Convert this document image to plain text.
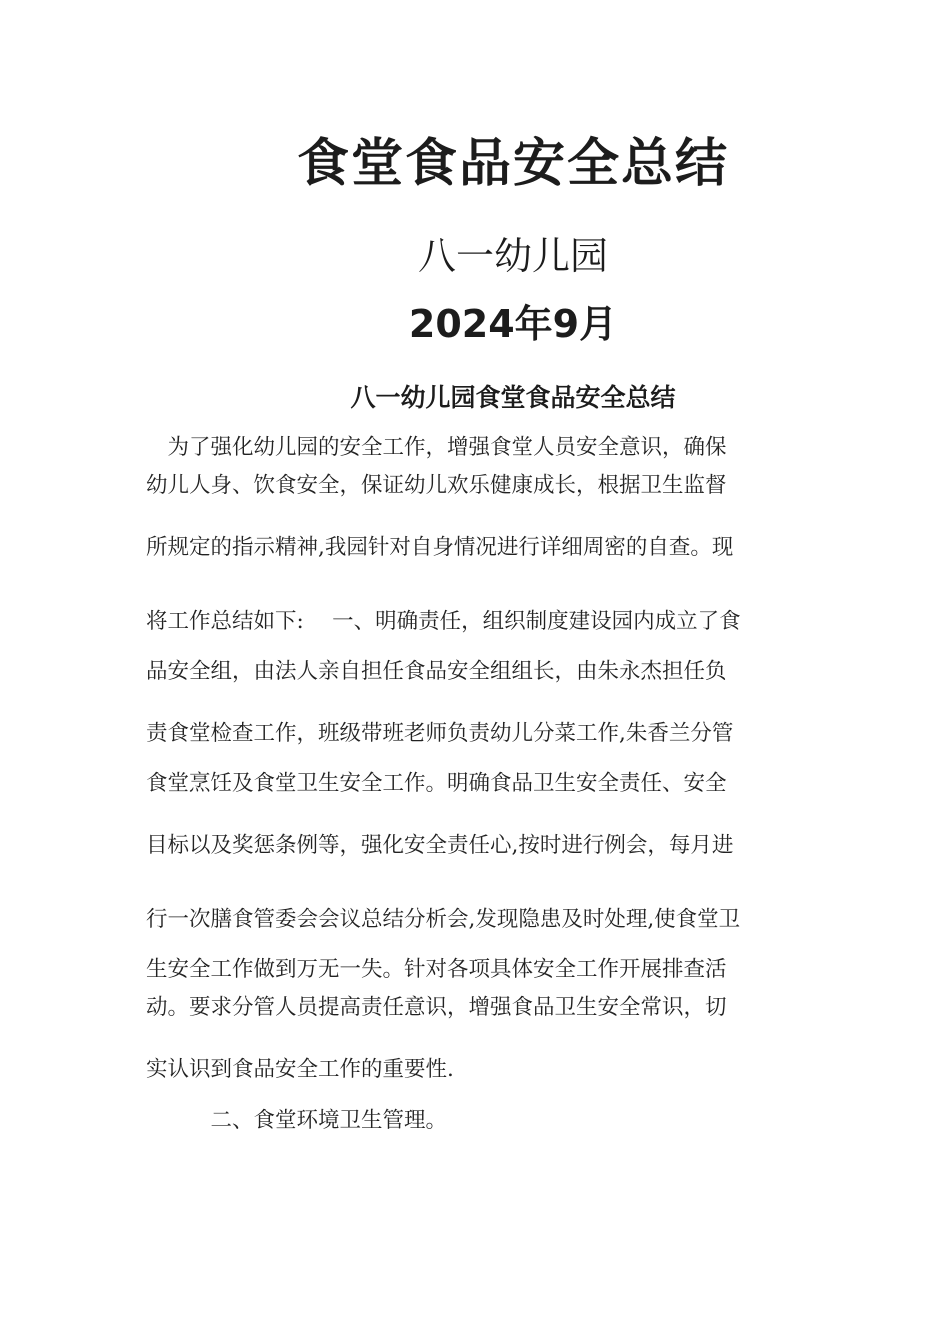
食堂食品安全总结
八一幼儿园
2024年9月
八一幼儿园食堂食品安全总结

　为了强化幼儿园的安全工作，增强食堂人员安全意识，确保

幼儿人身、饮食安全，保证幼儿欢乐健康成长，根据卫生监督

所规定的指示精神,我园针对自身情况进行详细周密的自查。现

将工作总结如下:　 一、明确责任，组织制度建设园内成立了食

品安全组，由法人亲自担任食品安全组组长，由朱永杰担任负

责食堂检查工作，班级带班老师负责幼儿分菜工作,朱香兰分管

食堂烹饪及食堂卫生安全工作。明确食品卫生安全责任、安全

目标以及奖惩条例等，强化安全责任心,按时进行例会，每月进

行一次膳食管委会会议总结分析会,发现隐患及时处理,使食堂卫

生安全工作做到万无一失。针对各项具体安全工作开展排查活

动。要求分管人员提高责任意识，增强食品卫生安全常识，切

实认识到食品安全工作的重要性.

　　　二、食堂环境卫生管理。
